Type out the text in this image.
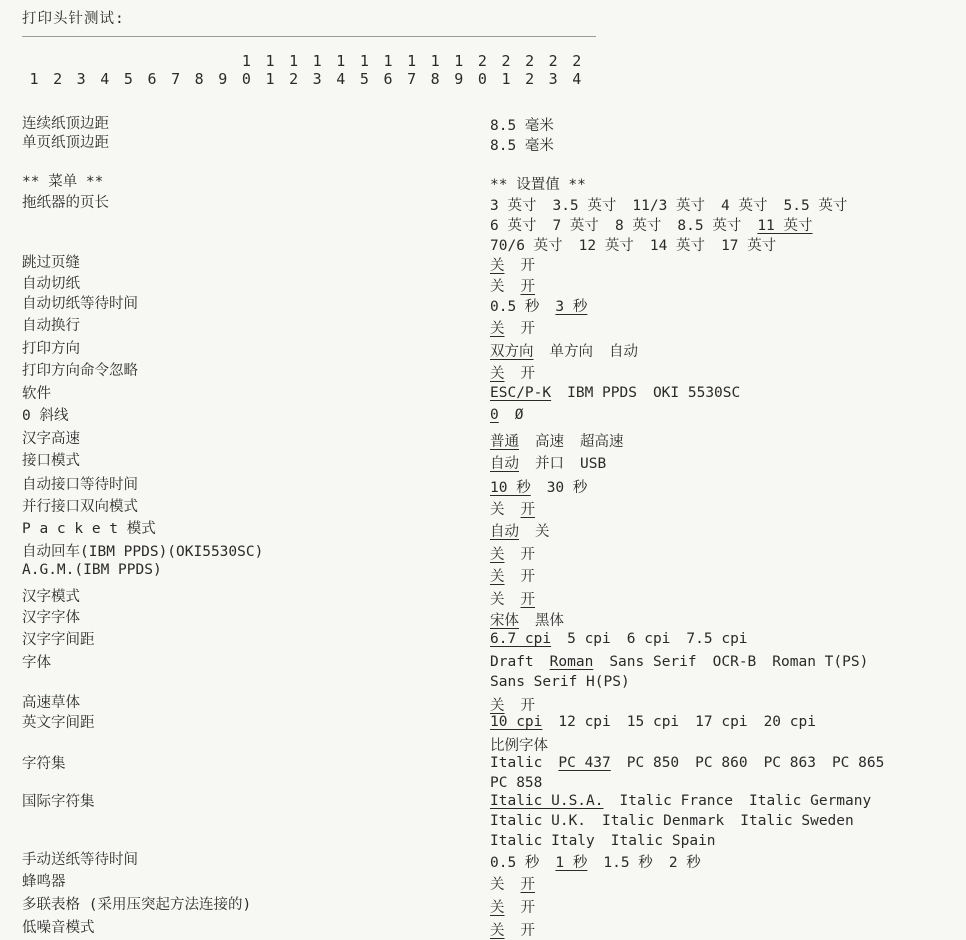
打印头针测试:
1 2 3 4 5 6 7 8 9
1
0
1
1
1
2
1
3
1
4
1
5
1
6
1
7
1
8
1
9
2
0
2
1
2
2
2
3
2
4
连续纸顶边距	8.5 毫米
单页纸顶边距	8.5 毫米
** 菜单 **	** 设置值 **
拖纸器的页长	3 英寸 3.5 英寸 11/3 英寸 4 英寸 5.5 英寸
6 英寸 7 英寸 8 英寸 8.5 英寸 11 英寸
70/6 英寸 12 英寸 14 英寸 17 英寸
跳过页缝	关 开
自动切纸	关 开
自动切纸等待时间	0.5 秒 3 秒
自动换行	关 开
打印方向	双方向 单方向 自动
打印方向命令忽略	关 开
软件	ESC/P-K IBM PPDS OKI 5530SC
0 斜线	0 Ø
汉字高速	普通 高速 超高速
接口模式	自动 并口 USB
自动接口等待时间	10 秒 30 秒
并行接口双向模式	关 开
P a c k e t 模式	自动 关
自动回车(IBM PPDS)(OKI5530SC)	关 开
A.G.M.(IBM PPDS)	关 开
汉字模式	关 开
汉字字体	宋体 黑体
汉字字间距	6.7 cpi 5 cpi 6 cpi 7.5 cpi
字体	Draft Roman Sans Serif OCR-B Roman T(PS)
Sans Serif H(PS)
高速草体	关 开
英文字间距	10 cpi 12 cpi 15 cpi 17 cpi 20 cpi
比例字体
字符集	Italic PC 437 PC 850 PC 860 PC 863 PC 865
PC 858
国际字符集	Italic U.S.A. Italic France Italic Germany
Italic U.K. Italic Denmark Italic Sweden
Italic Italy Italic Spain
手动送纸等待时间	0.5 秒 1 秒 1.5 秒 2 秒
蜂鸣器	关 开
多联表格 (采用压突起方法连接的)	关 开
低噪音模式	关 开
